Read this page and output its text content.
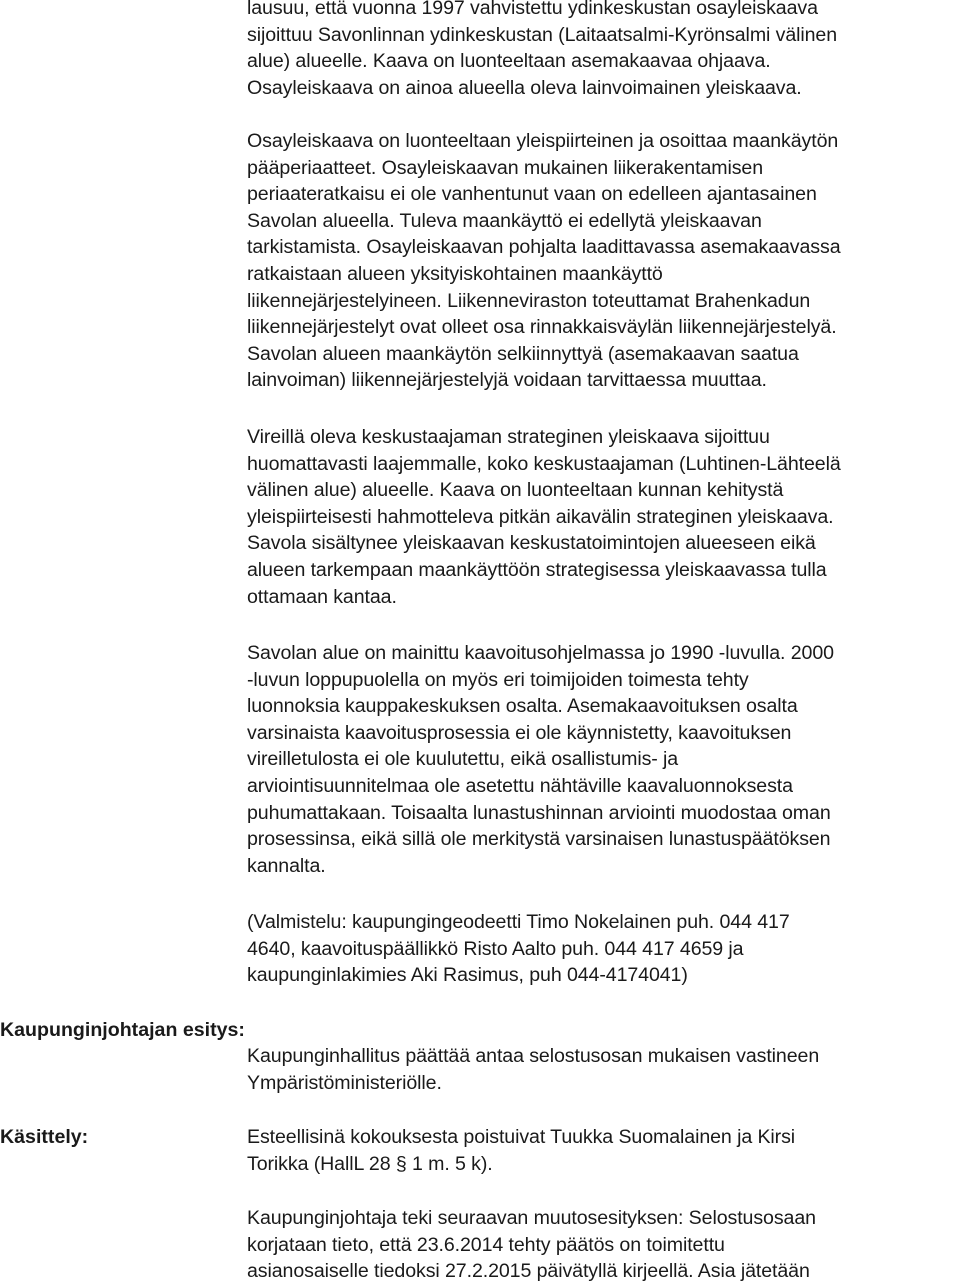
lausuu, että vuonna 1997 vahvistettu ydinkeskustan osayleiskaava
sijoittuu Savonlinnan ydinkeskustan (Laitaatsalmi-Kyrönsalmi välinen
alue) alueelle. Kaava on luonteeltaan asemakaavaa ohjaava.
Osayleiskaava on ainoa alueella oleva lainvoimainen yleiskaava.
Osayleiskaava on luonteeltaan yleispiirteinen ja osoittaa maankäytön
pääperiaatteet. Osayleiskaavan mukainen liikerakentamisen
periaateratkaisu ei ole vanhentunut vaan on edelleen ajantasainen
Savolan alueella. Tuleva maankäyttö ei edellytä yleiskaavan
tarkistamista. Osayleiskaavan pohjalta laadittavassa asemakaavassa
ratkaistaan alueen yksityiskohtainen maankäyttö
liikennejärjestelyineen. Liikenneviraston toteuttamat Brahenkadun
liikennejärjestelyt ovat olleet osa rinnakkaisväylän liikennejärjestelyä.
Savolan alueen maankäytön selkiinnyttyä (asemakaavan saatua
lainvoiman) liikennejärjestelyjä voidaan tarvittaessa muuttaa.
Vireillä oleva keskustaajaman strateginen yleiskaava sijoittuu
huomattavasti laajemmalle, koko keskustaajaman (Luhtinen-Lähteelä
välinen alue) alueelle. Kaava on luonteeltaan kunnan kehitystä
yleispiirteisesti hahmotteleva pitkän aikavälin strateginen yleiskaava.
Savola sisältynee yleiskaavan keskustatoimintojen alueeseen eikä
alueen tarkempaan maankäyttöön strategisessa yleiskaavassa tulla
ottamaan kantaa.
Savolan alue on mainittu kaavoitusohjelmassa jo 1990 -luvulla. 2000
-luvun loppupuolella on myös eri toimijoiden toimesta tehty
luonnoksia kauppakeskuksen osalta. Asemakaavoituksen osalta
varsinaista kaavoitusprosessia ei ole käynnistetty, kaavoituksen
vireilletulosta ei ole kuulutettu, eikä osallistumis- ja
arviointisuunnitelmaa ole asetettu nähtäville kaavaluonnoksesta
puhumattakaan. Toisaalta lunastushinnan arviointi muodostaa oman
prosessinsa, eikä sillä ole merkitystä varsinaisen lunastuspäätöksen
kannalta.
(Valmistelu: kaupungingeodeetti Timo Nokelainen puh. 044 417
4640, kaavoituspäällikkö Risto Aalto puh. 044 417 4659 ja
kaupunginlakimies Aki Rasimus, puh 044-4174041)
Kaupunginjohtajan esitys:
Kaupunginhallitus päättää antaa selostusosan mukaisen vastineen
Ympäristöministeriölle.
Käsittely:	Esteellisinä kokouksesta poistuivat Tuukka Suomalainen ja Kirsi
Torikka (HallL 28 § 1 m. 5 k).
Kaupunginjohtaja teki seuraavan muutosesityksen: Selostusosaan
korjataan tieto, että 23.6.2014 tehty päätös on toimitettu
asianosaiselle tiedoksi 27.2.2015 päivätyllä kirjeellä. Asia jätetään
